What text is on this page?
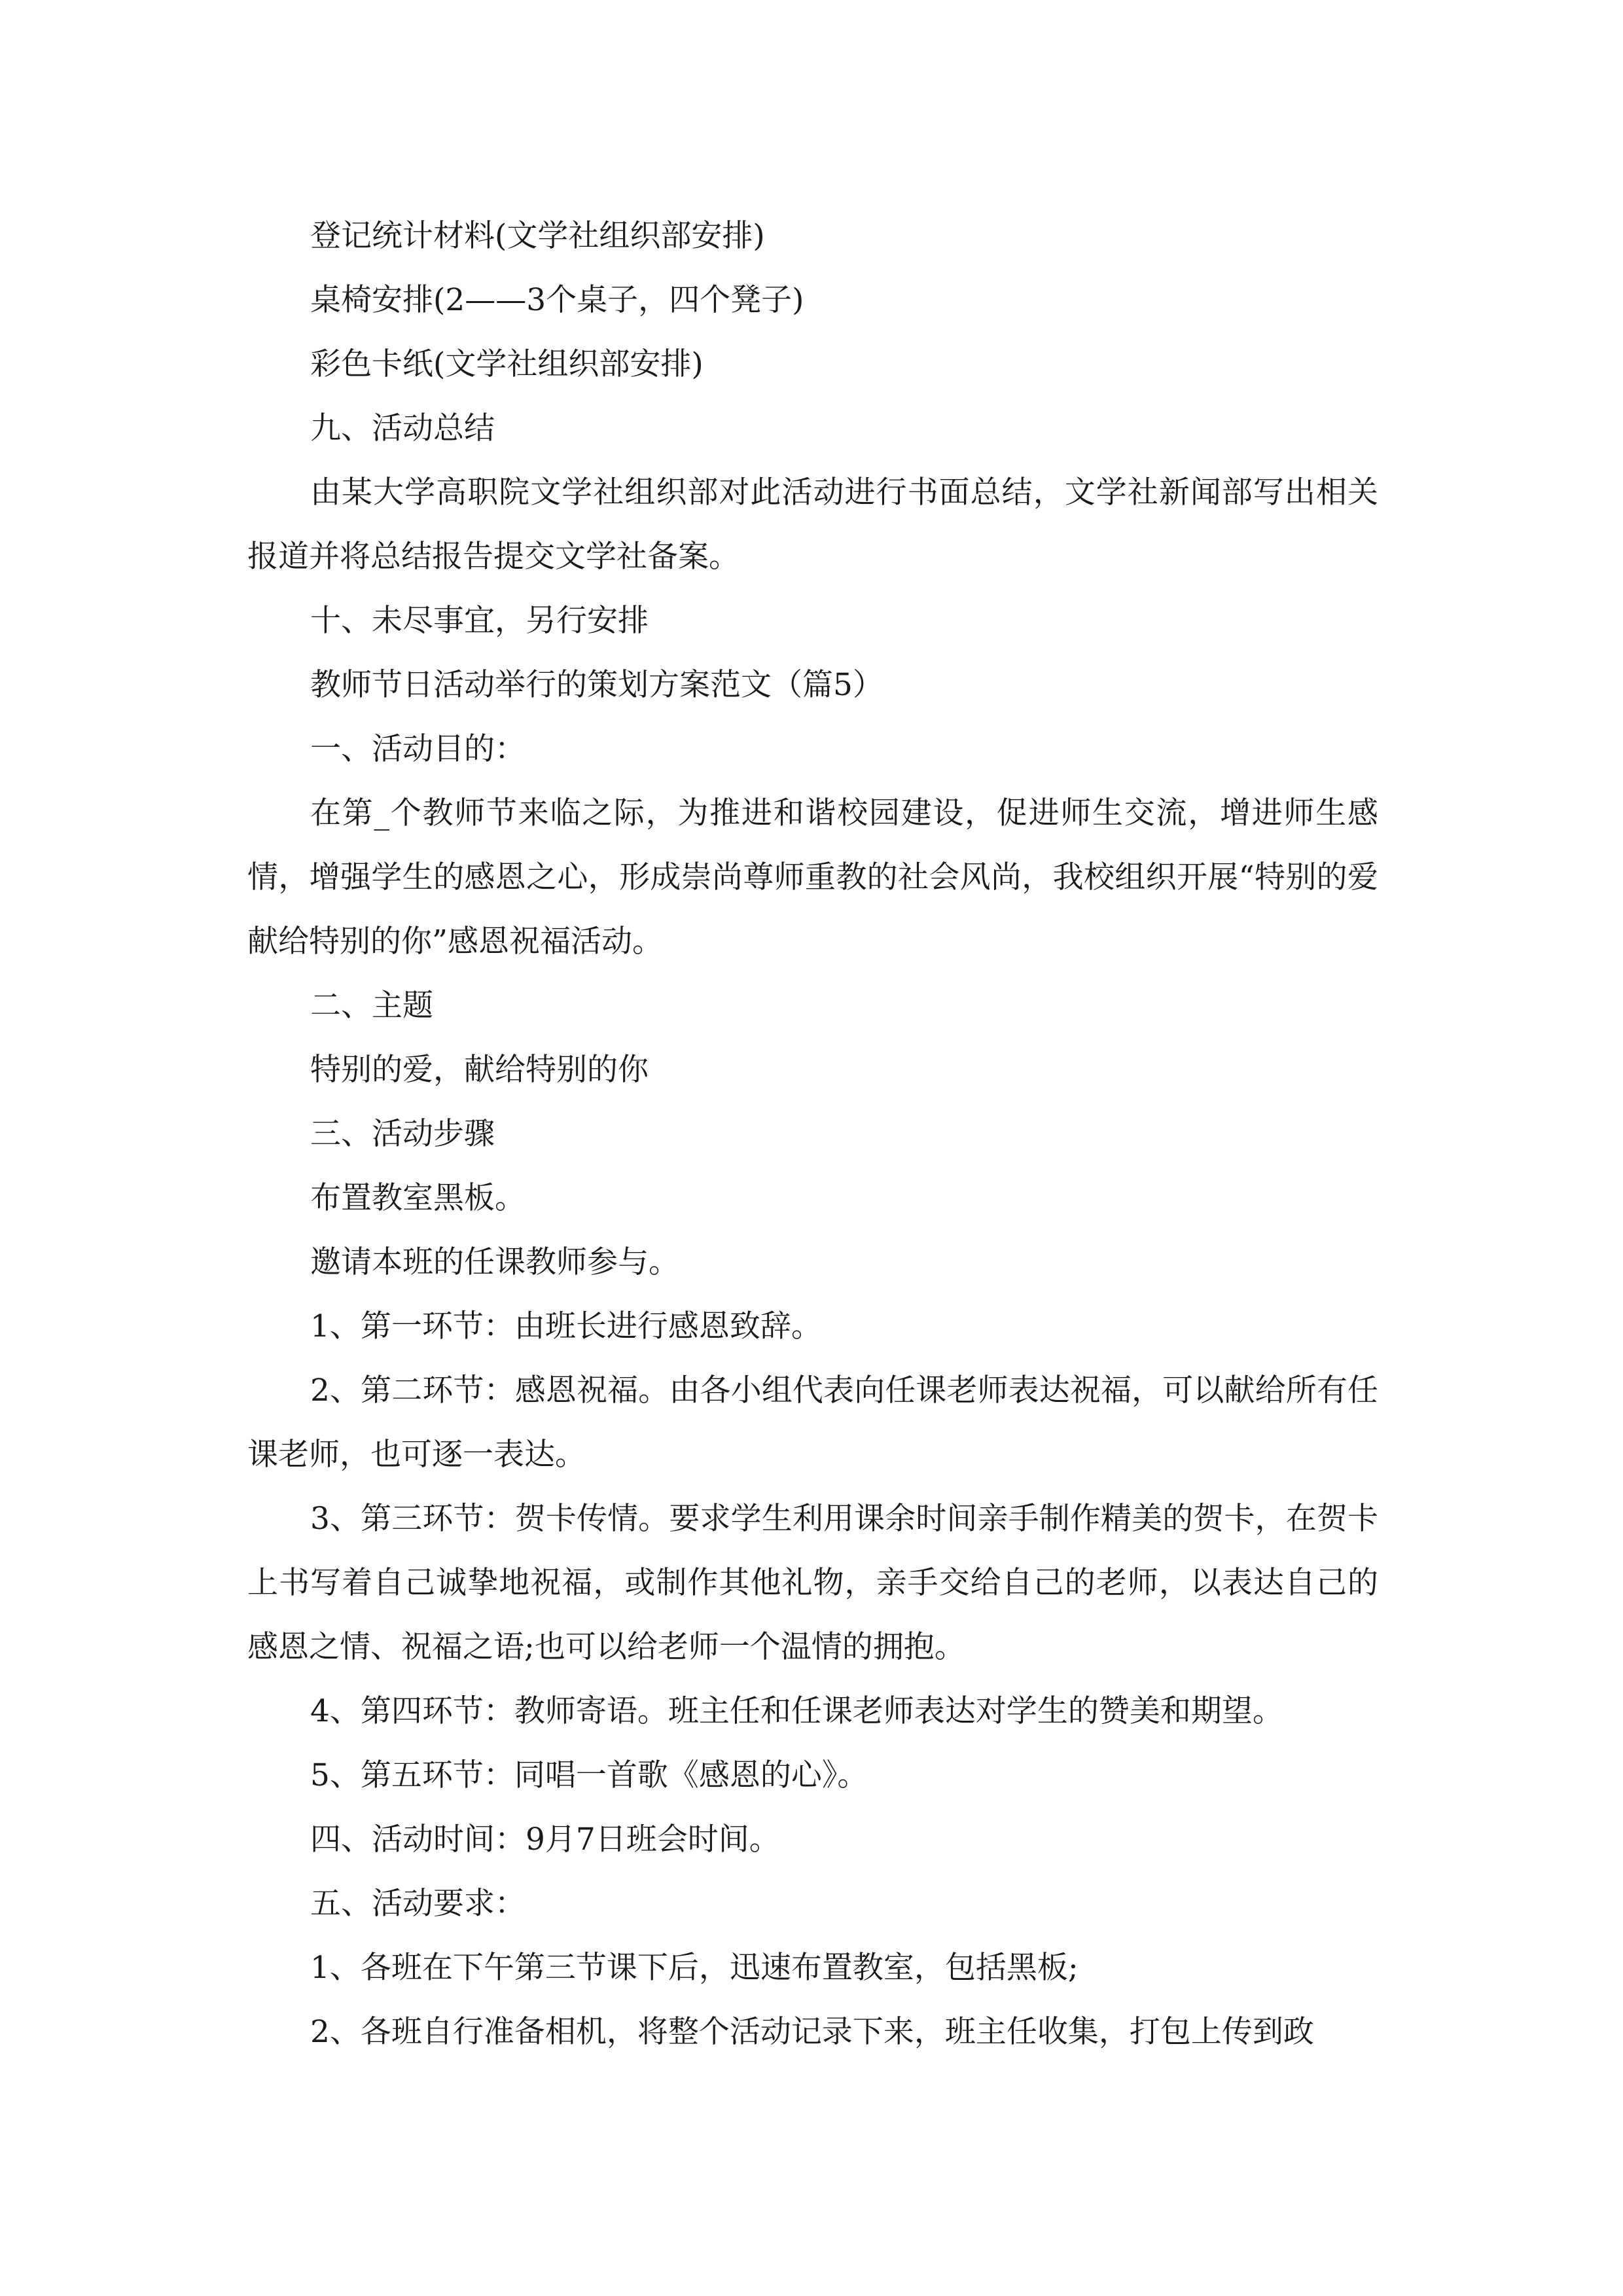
登记统计材料(文学社组织部安排)

桌椅安排(2——3个桌子，四个凳子)

彩色卡纸(文学社组织部安排)

九、活动总结

由某大学高职院文学社组织部对此活动进行书面总结，文学社新闻部写出相关报道并将总结报告提交文学社备案。

十、未尽事宜，另行安排

教师节日活动举行的策划方案范文（篇5）

一、活动目的：

在第_个教师节来临之际，为推进和谐校园建设，促进师生交流，增进师生感情，增强学生的感恩之心，形成崇尚尊师重教的社会风尚，我校组织开展“特别的爱献给特别的你”感恩祝福活动。

二、主题

特别的爱，献给特别的你

三、活动步骤

布置教室黑板。

邀请本班的任课教师参与。

1、第一环节：由班长进行感恩致辞。

2、第二环节：感恩祝福。由各小组代表向任课老师表达祝福，可以献给所有任课老师，也可逐一表达。

3、第三环节：贺卡传情。要求学生利用课余时间亲手制作精美的贺卡，在贺卡上书写着自己诚挚地祝福，或制作其他礼物，亲手交给自己的老师，以表达自己的感恩之情、祝福之语;也可以给老师一个温情的拥抱。

4、第四环节：教师寄语。班主任和任课老师表达对学生的赞美和期望。

5、第五环节：同唱一首歌《感恩的心》。

四、活动时间：9月7日班会时间。

五、活动要求：

1、各班在下午第三节课下后，迅速布置教室，包括黑板;

2、各班自行准备相机，将整个活动记录下来，班主任收集，打包上传到政
